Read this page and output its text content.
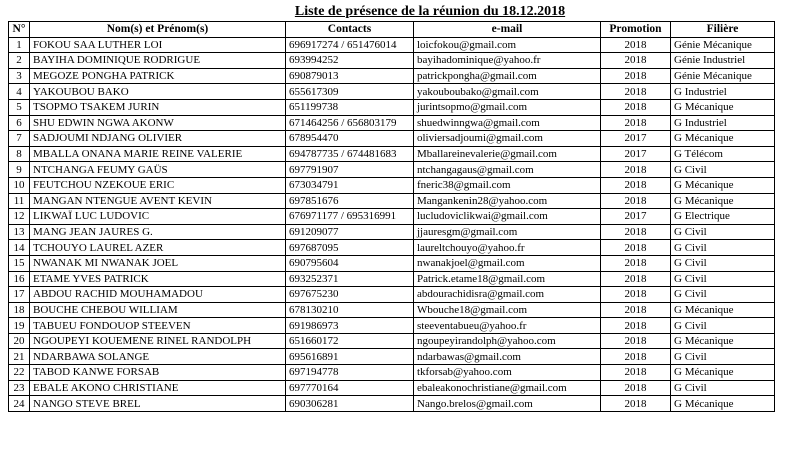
Liste de présence de la réunion du 18.12.2018
N°	Nom(s) et Prénom(s)	Contacts	e-mail	Promotion	Filière
1	FOKOU SAA LUTHER LOI	696917274 / 651476014	loicfokou@gmail.com	2018	Génie Mécanique
2	BAYIHA DOMINIQUE RODRIGUE	693994252	bayihadominique@yahoo.fr	2018	Génie Industriel
3	MEGOZE PONGHA PATRICK	690879013	patrickpongha@gmail.com	2018	Génie Mécanique
4	YAKOUBOU BAKO	655617309	yakouboubako@gmail.com	2018	G Industriel
5	TSOPMO TSAKEM JURIN	651199738	jurintsopmo@gmail.com	2018	G Mécanique
6	SHU EDWIN NGWA AKONW	671464256 / 656803179	shuedwinngwa@gmail.com	2018	G Industriel
7	SADJOUMI NDJANG OLIVIER	678954470	oliviersadjoumi@gmail.com	2017	G Mécanique
8	MBALLA ONANA MARIE REINE VALERIE	694787735 / 674481683	Mballareinevalerie@gmail.com	2017	G Télécom
9	NTCHANGA FEUMY GAÜS	697791907	ntchangagaus@gmail.com	2018	G Civil
10	FEUTCHOU NZEKOUE ERIC	673034791	fneric38@gmail.com	2018	G Mécanique
11	MANGAN NTENGUE AVENT KEVIN	697851676	Mangankenin28@yahoo.com	2018	G Mécanique
12	LIKWAÏ LUC LUDOVIC	676971177 / 695316991	lucludoviclikwai@gmail.com	2017	G Electrique
13	MANG JEAN JAURES G.	691209077	jjauresgm@gmail.com	2018	G Civil
14	TCHOUYO LAUREL AZER	697687095	laureltchouyo@yahoo.fr	2018	G Civil
15	NWANAK MI NWANAK JOEL	690795604	nwanakjoel@gmail.com	2018	G Civil
16	ETAME YVES PATRICK	693252371	Patrick.etame18@gmail.com	2018	G Civil
17	ABDOU RACHID MOUHAMADOU	697675230	abdourachidisra@gmail.com	2018	G Civil
18	BOUCHE CHEBOU WILLIAM	678130210	Wbouche18@gmail.com	2018	G Mécanique
19	TABUEU FONDOUOP STEEVEN	691986973	steeventabueu@yahoo.fr	2018	G Civil
20	NGOUPEYI KOUEMENE RINEL RANDOLPH	651660172	ngoupeyirandolph@yahoo.com	2018	G Mécanique
21	NDARBAWA SOLANGE	695616891	ndarbawas@gmail.com	2018	G Civil
22	TABOD KANWE FORSAB	697194778	tkforsab@yahoo.com	2018	G Mécanique
23	EBALE AKONO CHRISTIANE	697770164	ebaleakonochristiane@gmail.com	2018	G Civil
24	NANGO STEVE BREL	690306281	Nango.brelos@gmail.com	2018	G Mécanique
